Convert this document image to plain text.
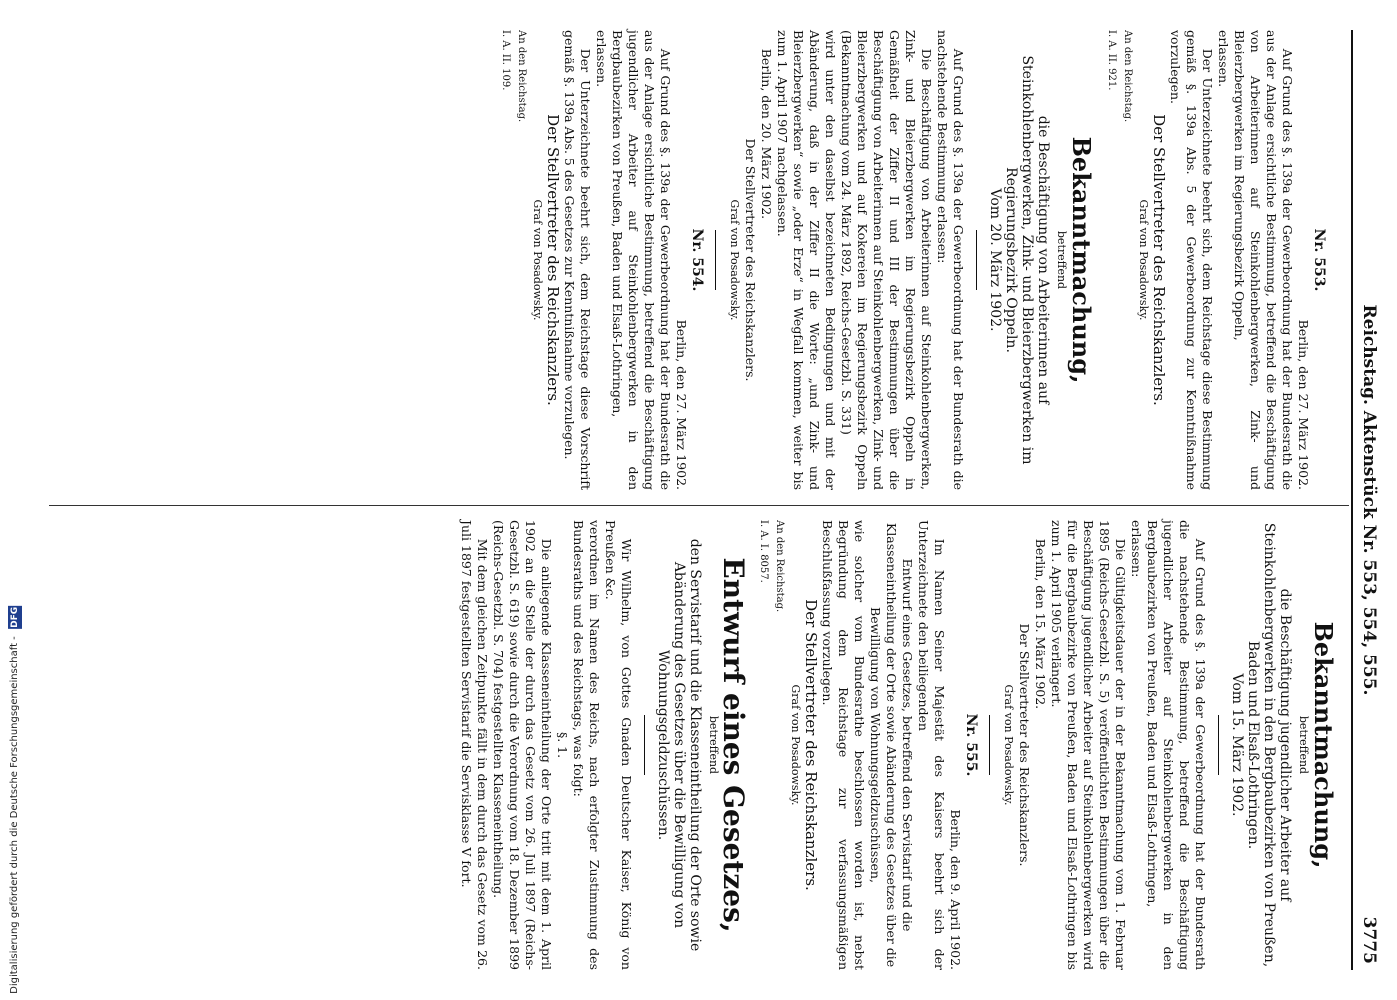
Digitalisierung gefördert durch die Deutsche Forschungsgemeinschaft - DFG	Reichstag. Aktenstück Nr. 553, 554, 555.
3775
Nr. 553.

Berlin, den 27. März 1902.

Auf Grund des §. 139a der Gewerbeordnung hat der Bundesrath die aus der Anlage ersichtliche Bestimmung, betreffend die Beschäftigung von Arbeiterinnen auf Steinkohlenbergwerken, Zink- und Bleierzbergwerken im Regierungsbezirk Oppeln,

erlassen.

Der Unterzeichnete beehrt sich, dem Reichstage diese Bestimmung gemäß §. 139a Abs. 5 der Gewerbeordnung zur Kenntnißnahme vorzulegen.

Der Stellvertreter des Reichskanzlers.

Graf von Posadowsky.

An den Reichstag.

I. A. II. 921.

Bekanntmachung,
betreffend

die Beschäftigung von Arbeiterinnen auf Steinkohlenbergwerken, Zink- und Bleierzbergwerken im Regierungsbezirk Oppeln.

Vom 20. März 1902.

Auf Grund des §. 139a der Gewerbeordnung hat der Bundesrath die nachstehende Bestimmung erlassen:

Die Beschäftigung von Arbeiterinnen auf Steinkohlenbergwerken, Zink- und Bleierzbergwerken im Regierungsbezirk Oppeln in Gemäßheit der Ziffer II und III der Bestimmungen über die Beschäftigung von Arbeiterinnen auf Steinkohlenbergwerken, Zink- und Bleierzbergwerken und auf Kokereien im Regierungsbezirk Oppeln (Bekanntmachung vom 24. März 1892, Reichs-Gesetzbl. S. 331)

wird unter den daselbst bezeichneten Bedingungen und mit der Abänderung, daß in der Ziffer II die Worte: „und Zink- und Bleierzbergwerken“ sowie „oder Erze“ in Wegfall kommen, weiter bis zum 1. April 1907 nachgelassen.

Berlin, den 20. März 1902.

Der Stellvertreter des Reichskanzlers.

Graf von Posadowsky.

Nr. 554.

Berlin, den 27. März 1902.

Auf Grund des §. 139a der Gewerbeordnung hat der Bundesrath die aus der Anlage ersichtliche Bestimmung, betreffend die Beschäftigung jugendlicher Arbeiter auf Steinkohlenbergwerken in den Bergbaubezirken von Preußen, Baden und Elsaß-Lothringen,

erlassen.

Der Unterzeichnete beehrt sich, dem Reichstage diese Vorschrift gemäß §. 139a Abs. 5 des Gesetzes zur Kenntnißnahme vorzulegen.

Der Stellvertreter des Reichskanzlers.

Graf von Posadowsky.

An den Reichstag.

I. A. II. 109.

Bekanntmachung,
betreffend

die Beschäftigung jugendlicher Arbeiter auf Steinkohlenbergwerken in den Bergbaubezirken von Preußen, Baden und Elsaß-Lothringen.

Vom 15. März 1902.

Auf Grund des §. 139a der Gewerbeordnung hat der Bundesrath die nachstehende Bestimmung, betreffend die Beschäftigung jugendlicher Arbeiter auf Steinkohlenbergwerken in den Bergbaubezirken von Preußen, Baden und Elsaß-Lothringen,

erlassen:

Die Gültigkeitsdauer der in der Bekanntmachung vom 1. Februar 1895 (Reichs-Gesetzbl. S. 5) veröffentlichten Bestimmungen über die Beschäftigung jugendlicher Arbeiter auf Steinkohlenbergwerken wird für die Bergbaubezirke von Preußen, Baden und Elsaß-Lothringen bis zum 1. April 1905 verlängert.

Berlin, den 15. März 1902.

Der Stellvertreter des Reichskanzlers.

Graf von Posadowsky.

Nr. 555.

Berlin, den 9. April 1902.

Im Namen Seiner Majestät des Kaisers beehrt sich der Unterzeichnete den beiliegenden

Entwurf eines Gesetzes, betreffend den Servistarif und die Klasseneintheilung der Orte sowie Abänderung des Gesetzes über die Bewilligung von Wohnungsgeldzuschüssen,

wie solcher vom Bundesrathe beschlossen worden ist, nebst Begründung dem Reichstage zur verfassungsmäßigen Beschlußfassung vorzulegen.

Der Stellvertreter des Reichskanzlers.

Graf von Posadowsky.

An den Reichstag.

I. A. I. 8057.

Entwurf eines Gesetzes,
betreffend

den Servistarif und die Klasseneintheilung der Orte sowie Abänderung des Gesetzes über die Bewilligung von Wohnungsgeldzuschüssen.

Wir Wilhelm, von Gottes Gnaden Deutscher Kaiser, König von Preußen &c.

verordnen im Namen des Reichs, nach erfolgter Zustimmung des Bundesraths und des Reichstags, was folgt:

§. 1.

Die anliegende Klasseneintheilung der Orte tritt mit dem 1. April 1902 an die Stelle der durch das Gesetz vom 26. Juli 1897 (Reichs-Gesetzbl. S. 619) sowie durch die Verordnung vom 18. Dezember 1899 (Reichs-Gesetzbl. S. 704) festgestellten Klasseneintheilung.

Mit dem gleichen Zeitpunkte fällt in dem durch das Gesetz vom 26. Juli 1897 festgestellten Servistarif die Servisklasse V fort.
